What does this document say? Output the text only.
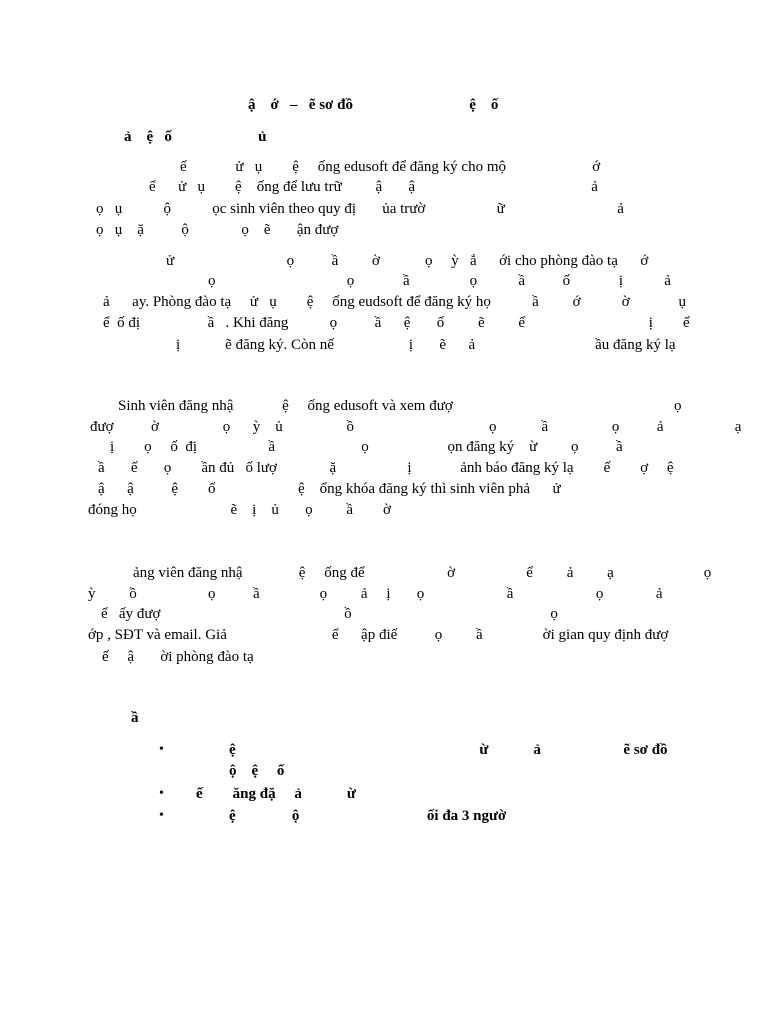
ậ    ớ   –   ẽ sơ đồ                               ệ    ố
ả    ệ   ố                       ủ
ể             ử   ụ        ệ     ống edusoft để đăng ký cho mộ                       ớ
ể      ử   ụ        ệ    ống để lưu trữ         ậ       ậ                                               ả
ọ   ụ           ộ           ọc sinh viên theo quy đị       ủa trườ                   ữ                              ả
ọ   ụ    ặ          ộ              ọ    ẽ       ận đượ
ử                              ọ          ầ         ờ            ọ     ỳ   ắ      ới cho phòng đào tạ      ớ
ọ                                   ọ             ầ                ọ           ầ          ố             ị           ả
ả      ay. Phòng đào tạ     ử   ụ        ệ     ống eudsoft để đăng ký họ           ầ         ớ           ờ             ụ
ể  ố đị                  ầ   . Khi đăng           ọ          ầ      ệ       ố         ẽ         ể                                 ị        ế
ị            ẽ đăng ký. Còn nế                    ị       ẽ      ả                                ầu đăng ký lạ
Sinh viên đăng nhậ             ệ     ống edusoft và xem đượ                                                           ọ
đượ          ờ                 ọ      ỳ    ủ                 ồ                                    ọ            ầ                 ọ          ả                   ạ
ị        ọ     ố  đị                   ầ                       ọ                     ọn đăng ký    ừ         ọ          ầ
ầ       ế       ọ        ần đủ   ố lượ              ặ                   ị             ảnh báo đăng ký lạ        ế        ợ     ệ
ậ      ậ          ệ        ố                      ệ    ống khóa đăng ký thì sinh viên phả      ử
đóng họ                         ẽ    ị    ủ       ọ         ầ        ờ
ảng viên đăng nhậ               ệ     ống để                      ờ                   ể         ả         ạ                        ọ
ỳ         ồ                   ọ          ầ                ọ         ả     ị       ọ                      ầ                      ọ              ả
ể   ấy đượ                                                 ồ                                                     ọ
ớp , SĐT và email. Giả                            ể      ập điể          ọ         ầ                ời gian quy định đượ
ế     ậ       ời phòng đào tạ
ầ
•	ệ                                                                 ừ            ả                      ẽ sơ đồ
ộ    ệ     ố
• ế        ăng đặ     ả            ừ
•	ệ               ộ                                  ối đa 3 ngườ
